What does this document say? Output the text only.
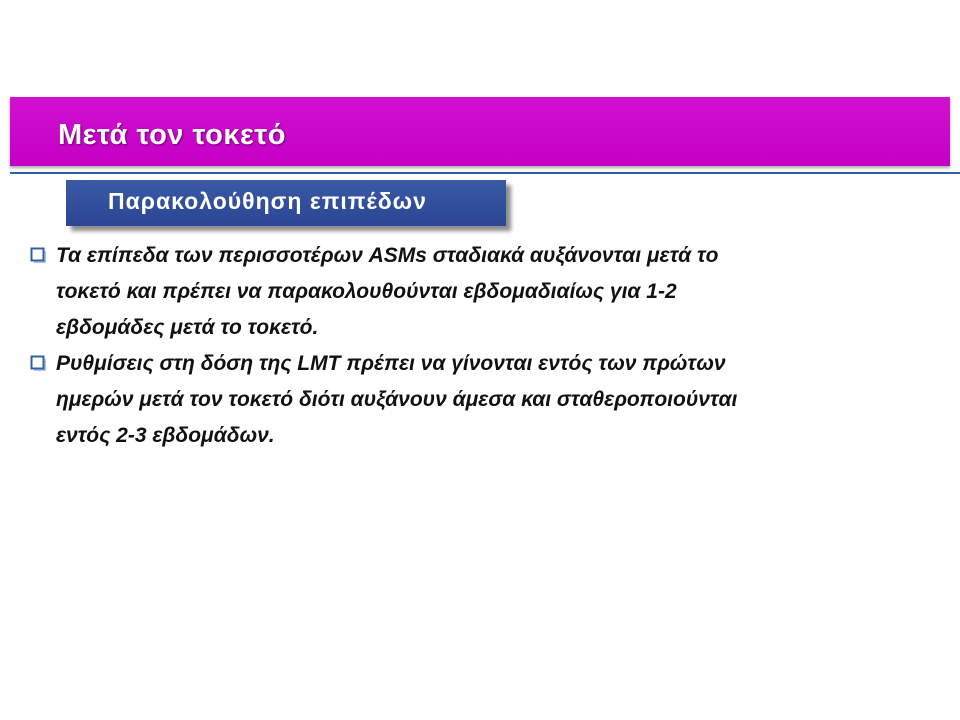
Μετά τον τοκετό
Παρακολούθηση επιπέδων
Τα επίπεδα των περισσοτέρων ASMs σταδιακά αυξάνονται μετά το
τοκετό και πρέπει να παρακολουθούνται εβδομαδιαίως για 1-2
εβδομάδες μετά το τοκετό.
Ρυθμίσεις στη δόση της LMT πρέπει να γίνονται εντός των πρώτων
ημερών μετά τον τοκετό διότι αυξάνουν άμεσα και σταθεροποιούνται
εντός 2-3 εβδομάδων.
